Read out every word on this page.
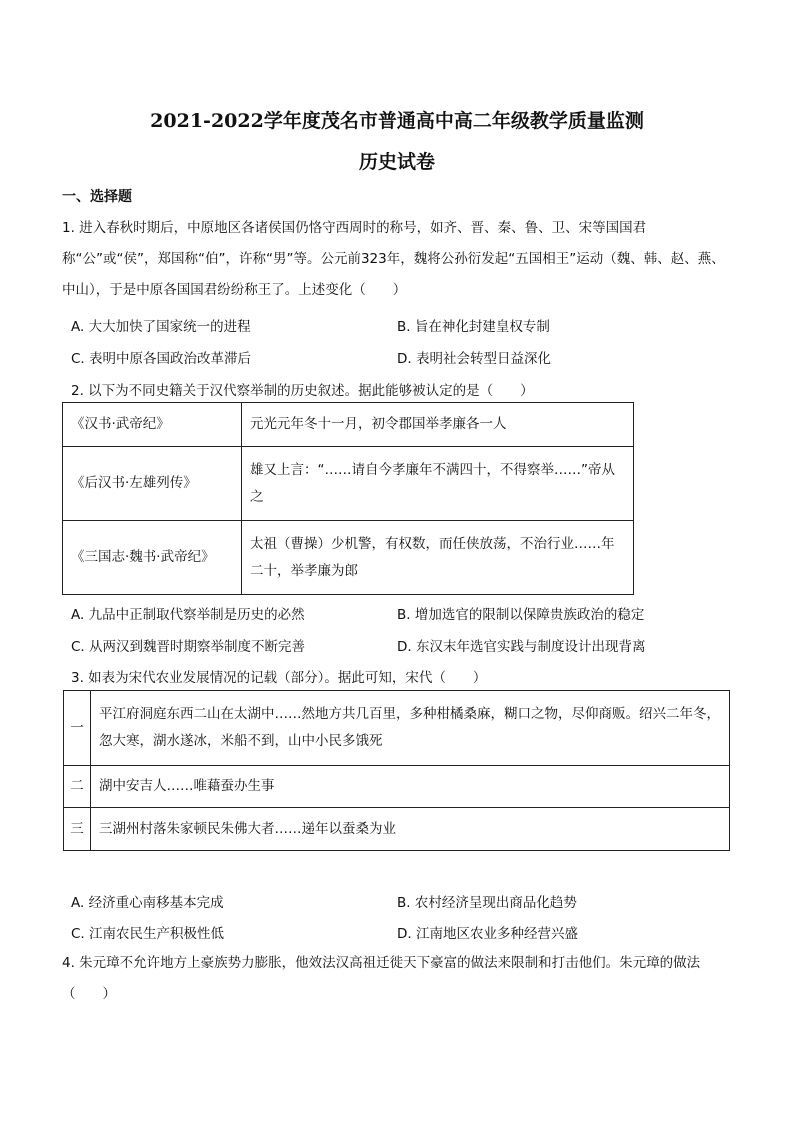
2021-2022学年度茂名市普通高中高二年级教学质量监测
历史试卷
一、选择题
1. 进入春秋时期后，中原地区各诸侯国仍恪守西周时的称号，如齐、晋、秦、鲁、卫、宋等国国君称“公”或“侯”，郑国称“伯”，许称“男”等。公元前323年，魏将公孙衍发起“五国相王”运动（魏、韩、赵、燕、中山），于是中原各国国君纷纷称王了。上述变化（　　）
A. 大大加快了国家统一的进程	B. 旨在神化封建皇权专制
C. 表明中原各国政治改革滞后	D. 表明社会转型日益深化
2. 以下为不同史籍关于汉代察举制的历史叙述。据此能够被认定的是（　　）
《汉书·武帝纪》	元光元年冬十一月，初令郡国举孝廉各一人
《后汉书·左雄列传》	雄又上言：“……请自今孝廉年不满四十，不得察举……”帝从之
《三国志·魏书·武帝纪》	太祖（曹操）少机警，有权数，而任侠放荡，不治行业……年二十，举孝廉为郎
A. 九品中正制取代察举制是历史的必然	B. 增加选官的限制以保障贵族政治的稳定
C. 从两汉到魏晋时期察举制度不断完善	D. 东汉末年选官实践与制度设计出现背离
3. 如表为宋代农业发展情况的记载（部分）。据此可知，宋代（　　）
一	平江府洞庭东西二山在太湖中……然地方共几百里，多种柑橘桑麻，糊口之物，尽仰商贩。绍兴二年冬，忽大寒，湖水遂冰，米船不到，山中小民多饿死
二	湖中安吉人……唯藉蚕办生事
三	三湖州村落朱家顿民朱佛大者……递年以蚕桑为业
A. 经济重心南移基本完成	B. 农村经济呈现出商品化趋势
C. 江南农民生产积极性低	D. 江南地区农业多种经营兴盛
4. 朱元璋不允许地方上豪族势力膨胀，他效法汉高祖迁徙天下豪富的做法来限制和打击他们。朱元璋的做法（　　）
